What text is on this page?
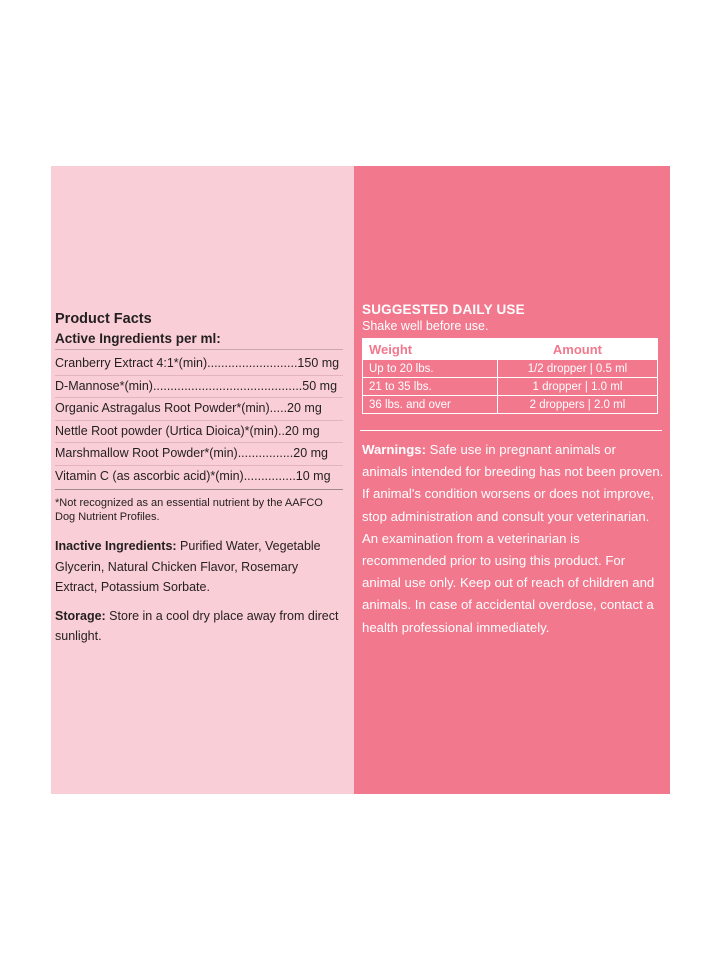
Product Facts
Active Ingredients per ml:
Cranberry Extract 4:1*(min)..........................150 mg
D-Mannose*(min)...........................................50 mg
Organic Astragalus Root Powder*(min).....20 mg
Nettle Root powder (Urtica Dioica)*(min)..20 mg
Marshmallow Root Powder*(min)................20 mg
Vitamin C (as ascorbic acid)*(min)...............10 mg
*Not recognized as an essential nutrient by the AAFCO Dog Nutrient Profiles.
Inactive Ingredients: Purified Water, Vegetable Glycerin, Natural Chicken Flavor, Rosemary Extract, Potassium Sorbate.
Storage: Store in a cool dry place away from direct sunlight.
SUGGESTED DAILY USE
Shake well before use.
Weight	Amount
Up to 20 lbs.	1/2 dropper | 0.5 ml
21 to 35 lbs.	1 dropper | 1.0 ml
36 lbs. and over	2 droppers | 2.0 ml
Warnings: Safe use in pregnant animals or animals intended for breeding has not been proven. If animal's condition worsens or does not improve, stop administration and consult your veterinarian. An examination from a veterinarian is recommended prior to using this product. For animal use only. Keep out of reach of children and animals. In case of accidental overdose, contact a health professional immediately.
